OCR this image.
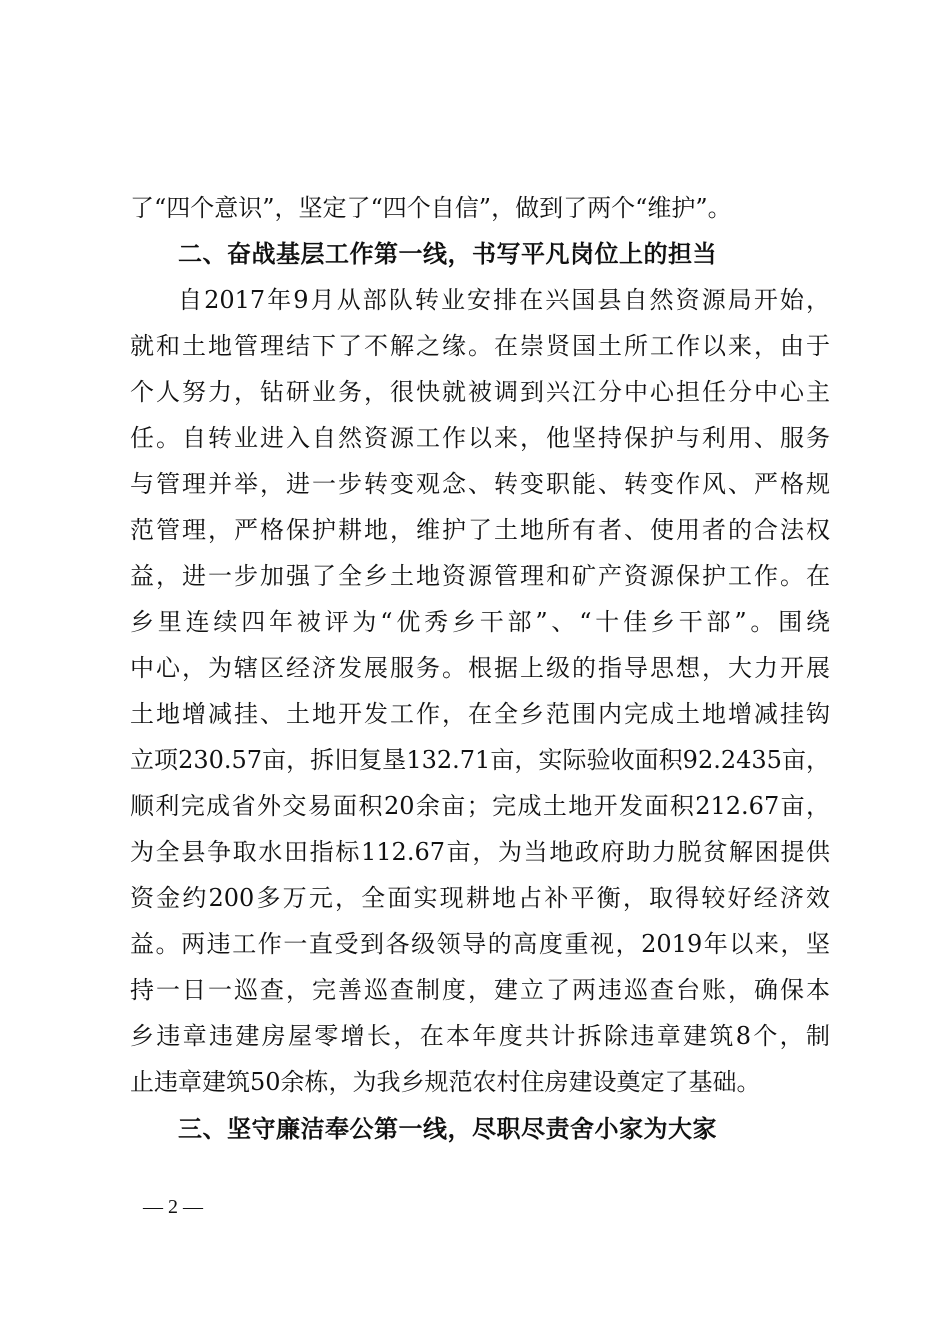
了“四个意识”，坚定了“四个自信”，做到了两个“维护”。
二、奋战基层工作第一线，书写平凡岗位上的担当
自2017年9月从部队转业安排在兴国县自然资源局开始，
就和土地管理结下了不解之缘。在崇贤国土所工作以来，由于
个人努力，钻研业务，很快就被调到兴江分中心担任分中心主
任。自转业进入自然资源工作以来，他坚持保护与利用、服务
与管理并举，进一步转变观念、转变职能、转变作风、严格规
范管理，严格保护耕地，维护了土地所有者、使用者的合法权
益，进一步加强了全乡土地资源管理和矿产资源保护工作。在
乡里连续四年被评为“优秀乡干部”、“十佳乡干部”。围绕
中心，为辖区经济发展服务。根据上级的指导思想，大力开展
土地增减挂、土地开发工作，在全乡范围内完成土地增减挂钩
立项230.57亩，拆旧复垦132.71亩，实际验收面积92.2435亩，
顺利完成省外交易面积20余亩；完成土地开发面积212.67亩，
为全县争取水田指标112.67亩，为当地政府助力脱贫解困提供
资金约200多万元，全面实现耕地占补平衡，取得较好经济效
益。两违工作一直受到各级领导的高度重视，2019年以来，坚
持一日一巡查，完善巡查制度，建立了两违巡查台账，确保本
乡违章违建房屋零增长，在本年度共计拆除违章建筑8个，制
止违章建筑50余栋，为我乡规范农村住房建设奠定了基础。
三、坚守廉洁奉公第一线，尽职尽责舍小家为大家
— 2 —
